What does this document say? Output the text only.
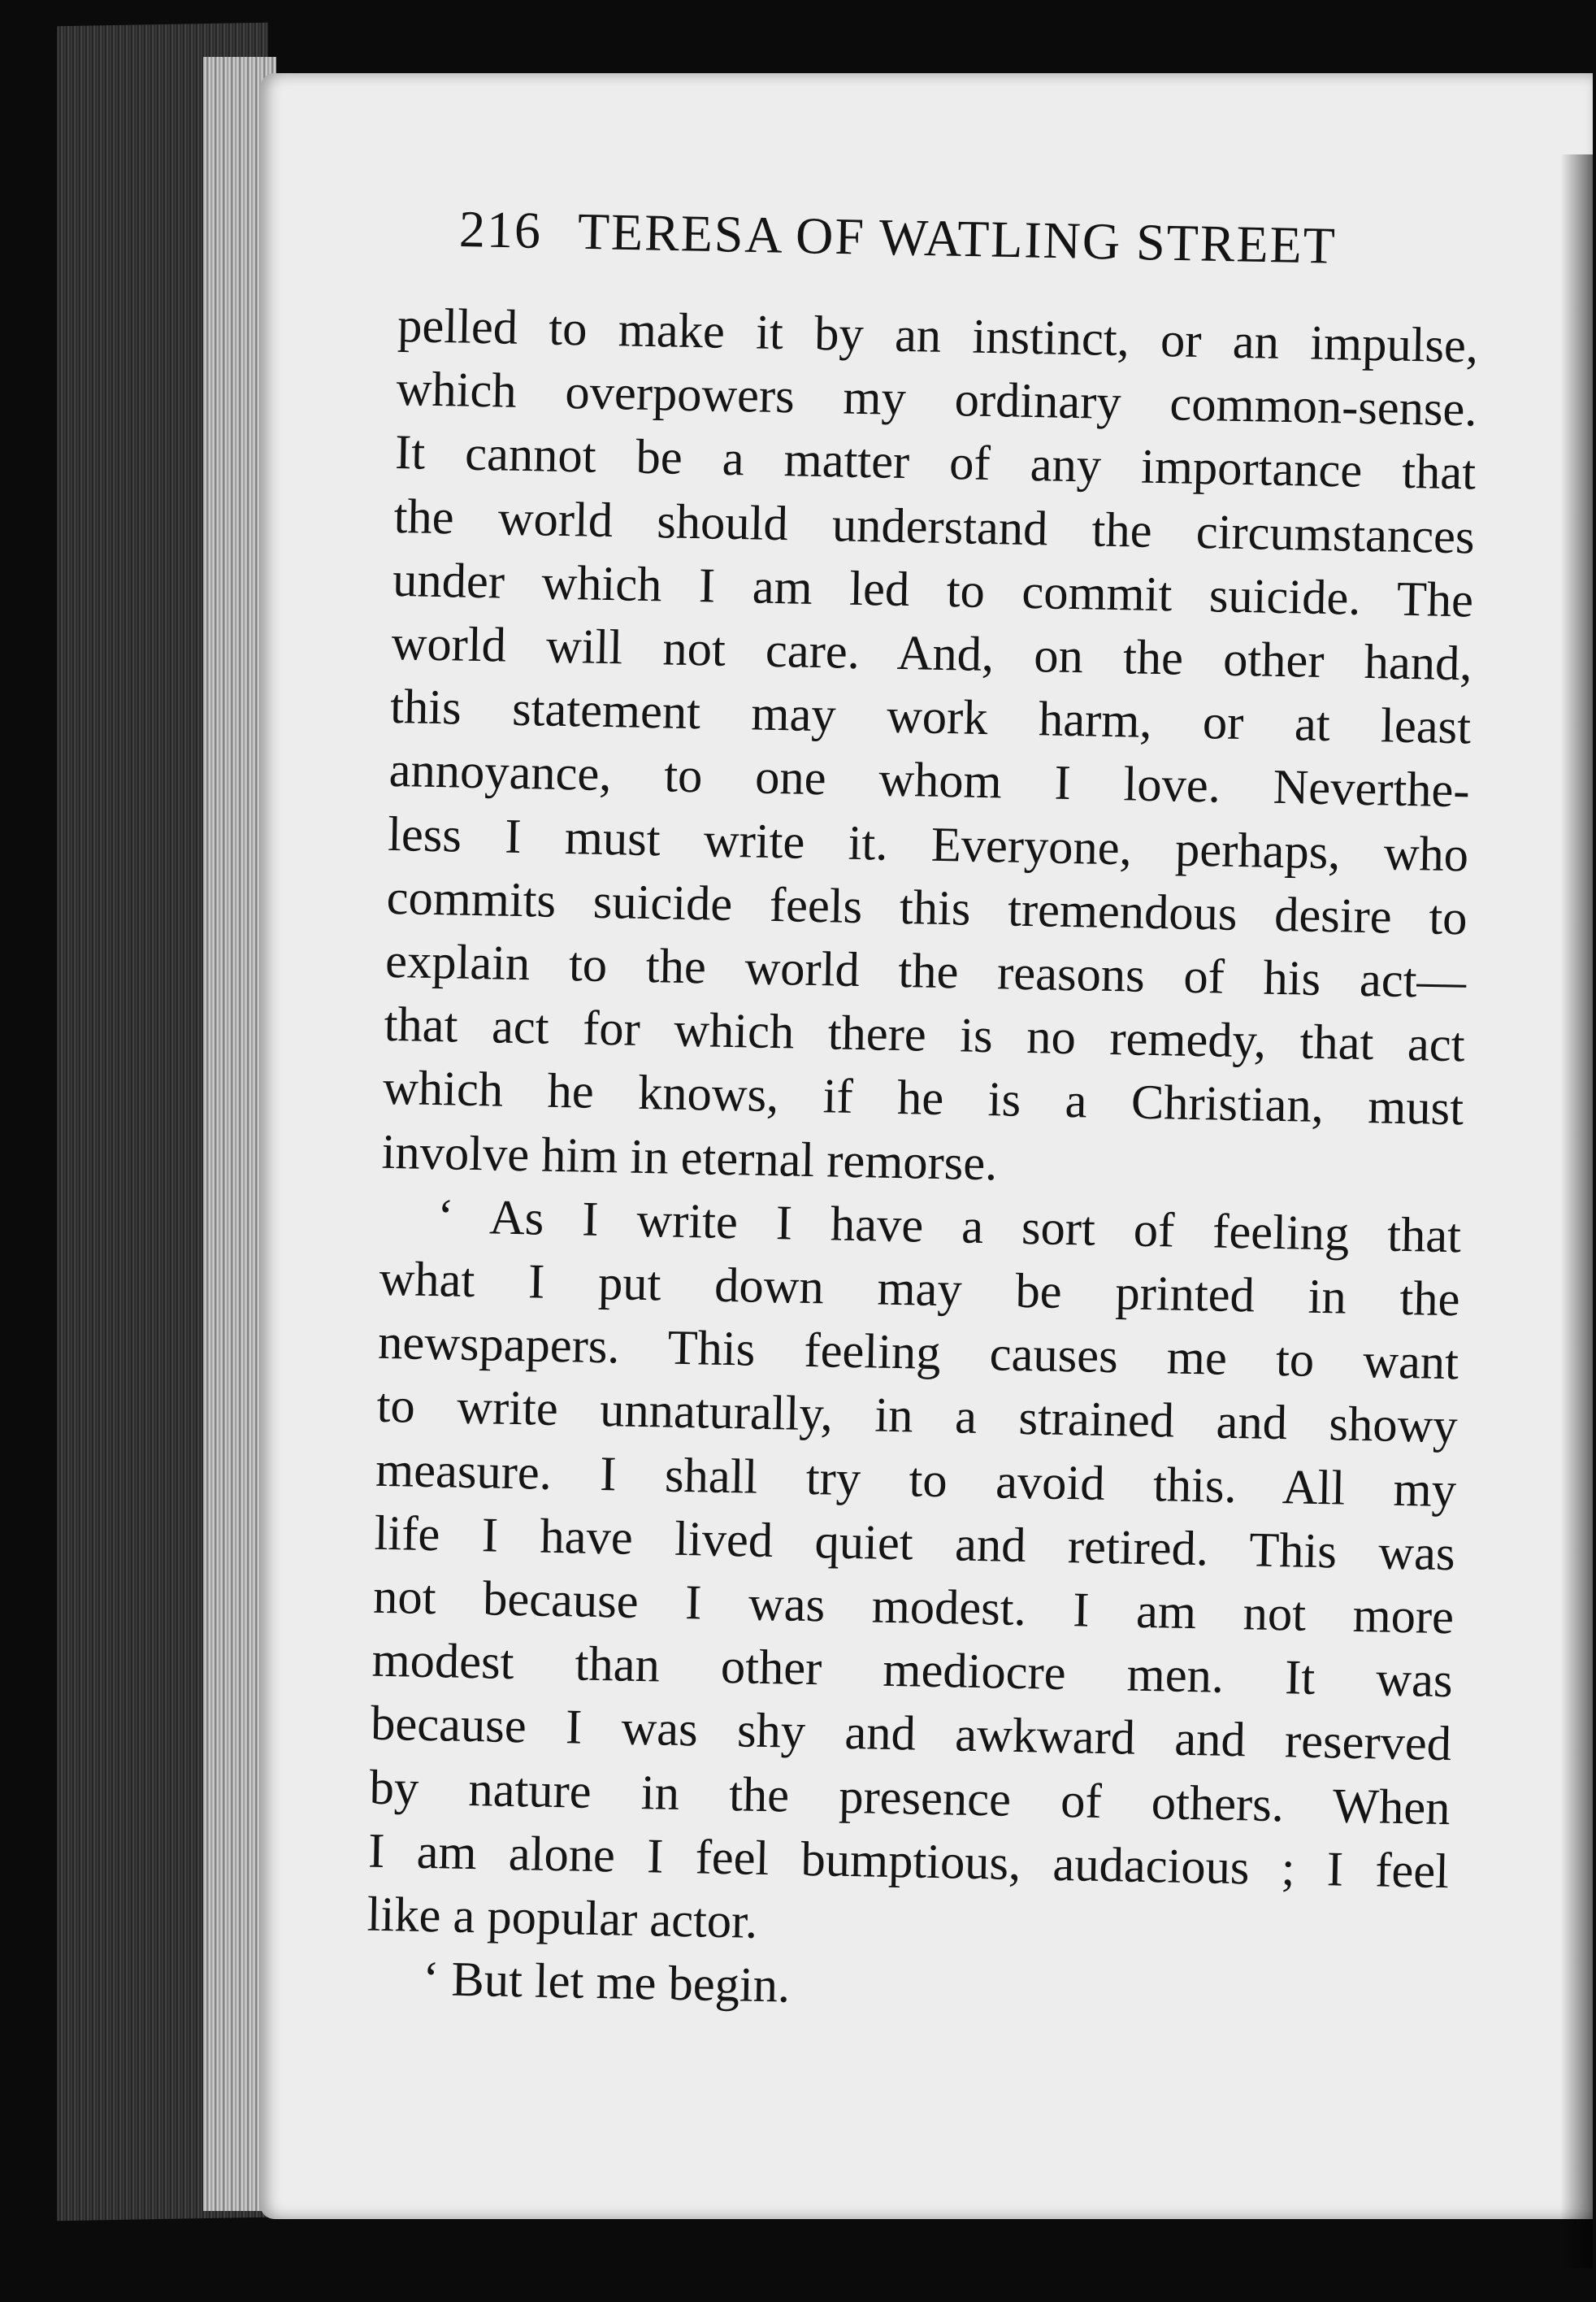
216 TERESA OF WATLING STREET
pelled to make it by an instinct, or an impulse,
which overpowers my ordinary common-sense.
It cannot be a matter of any importance that
the world should understand the circumstances
under which I am led to commit suicide. The
world will not care. And, on the other hand,
this statement may work harm, or at least
annoyance, to one whom I love. Neverthe-
less I must write it. Everyone, perhaps, who
commits suicide feels this tremendous desire to
explain to the world the reasons of his act—
that act for which there is no remedy, that act
which he knows, if he is a Christian, must
involve him in eternal remorse.
‘ As I write I have a sort of feeling that
what I put down may be printed in the
newspapers. This feeling causes me to want
to write unnaturally, in a strained and showy
measure. I shall try to avoid this. All my
life I have lived quiet and retired. This was
not because I was modest. I am not more
modest than other mediocre men. It was
because I was shy and awkward and reserved
by nature in the presence of others. When
I am alone I feel bumptious, audacious ; I feel
like a popular actor.
‘ But let me begin.
